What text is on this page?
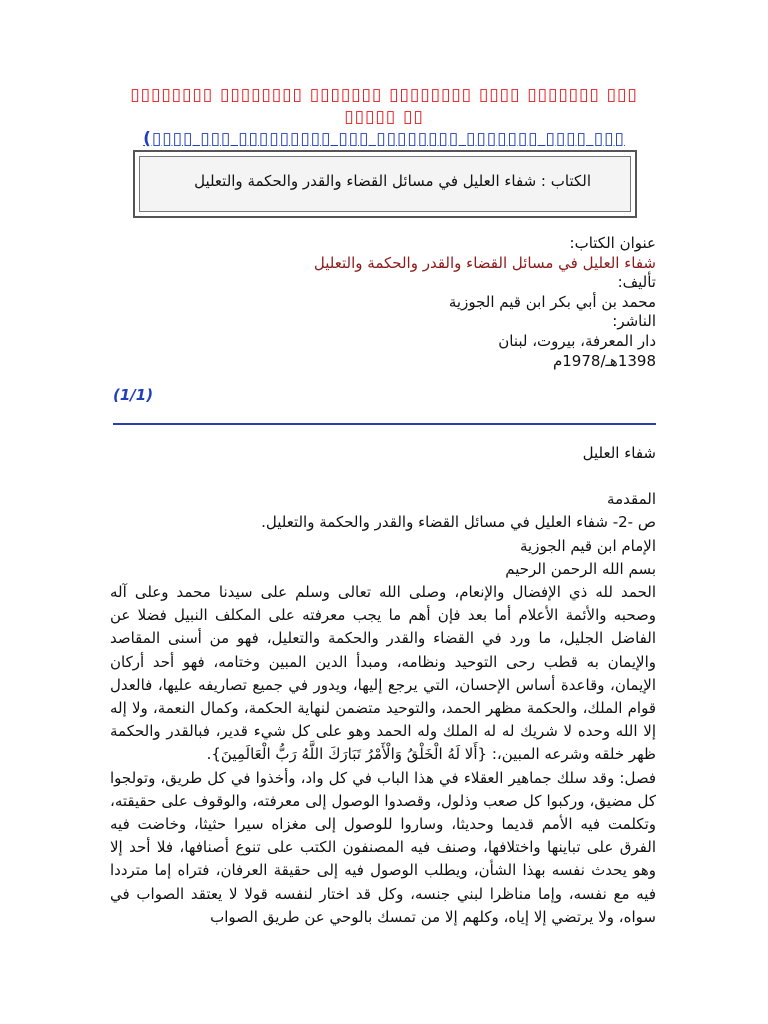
▯▯▯▯▯▯▯▯ ▯▯▯▯▯▯▯▯ ▯▯▯▯▯▯▯ ▯▯▯▯▯▯▯▯ ▯▯▯▯ ▯▯▯▯▯▯▯ ▯▯▯ ▯▯▯▯▯ ▯▯
(▯▯▯▯ ▯▯▯ ▯▯▯▯▯▯▯▯▯ ▯▯▯ ▯▯▯▯▯▯▯▯ ▯▯▯▯▯▯▯ ▯▯▯▯ ▯▯▯
الكتاب : شفاء العليل في مسائل القضاء والقدر والحكمة والتعليل
عنوان الكتاب:
شفاء العليل في مسائل القضاء والقدر والحكمة والتعليل
تأليف:
محمد بن أبي بكر ابن قيم الجوزية
الناشر:
دار المعرفة، بيروت، لبنان
1398هـ/1978م
(1/1)
شفاء العليل
المقدمة
ص -2- شفاء العليل في مسائل القضاء والقدر والحكمة والتعليل.
الإمام ابن قيم الجوزية
بسم الله الرحمن الرحيم
الحمد لله ذي الإفضال والإنعام، وصلى الله تعالى وسلم على سيدنا محمد وعلى آله وصحبه والأئمة الأعلام أما بعد فإن أهم ما يجب معرفته على المكلف النبيل فضلا عن الفاضل الجليل، ما ورد في القضاء والقدر والحكمة والتعليل، فهو من أسنى المقاصد والإيمان به قطب رحى التوحيد ونظامه، ومبدأ الدين المبين وختامه، فهو أحد أركان الإيمان، وقاعدة أساس الإحسان، التي يرجع إليها، ويدور في جميع تصاريفه عليها، فالعدل قوام الملك، والحكمة مظهر الحمد، والتوحيد متضمن لنهاية الحكمة، وكمال النعمة، ولا إله إلا الله وحده لا شريك له له الملك وله الحمد وهو على كل شيء قدير، فبالقدر والحكمة ظهر خلقه وشرعه المبين،: {أَلا لَهُ الْخَلْقُ وَالْأَمْرُ تَبَارَكَ اللَّهُ رَبُّ الْعَالَمِينَ}.
فصل: وقد سلك جماهير العقلاء في هذا الباب في كل واد، وأخذوا في كل طريق، وتولجوا كل مضيق، وركبوا كل صعب وذلول، وقصدوا الوصول إلى معرفته، والوقوف على حقيقته، وتكلمت فيه الأمم قديما وحديثا، وساروا للوصول إلى مغزاه سيرا حثيثا، وخاضت فيه الفرق على تباينها واختلافها، وصنف فيه المصنفون الكتب على تنوع أصنافها، فلا أحد إلا وهو يحدث نفسه بهذا الشأن، ويطلب الوصول فيه إلى حقيقة العرفان، فتراه إما مترددا فيه مع نفسه، وإما مناظرا لبني جنسه، وكل قد اختار لنفسه قولا لا يعتقد الصواب في سواه، ولا يرتضي إلا إياه، وكلهم إلا من تمسك بالوحي عن طريق الصواب
